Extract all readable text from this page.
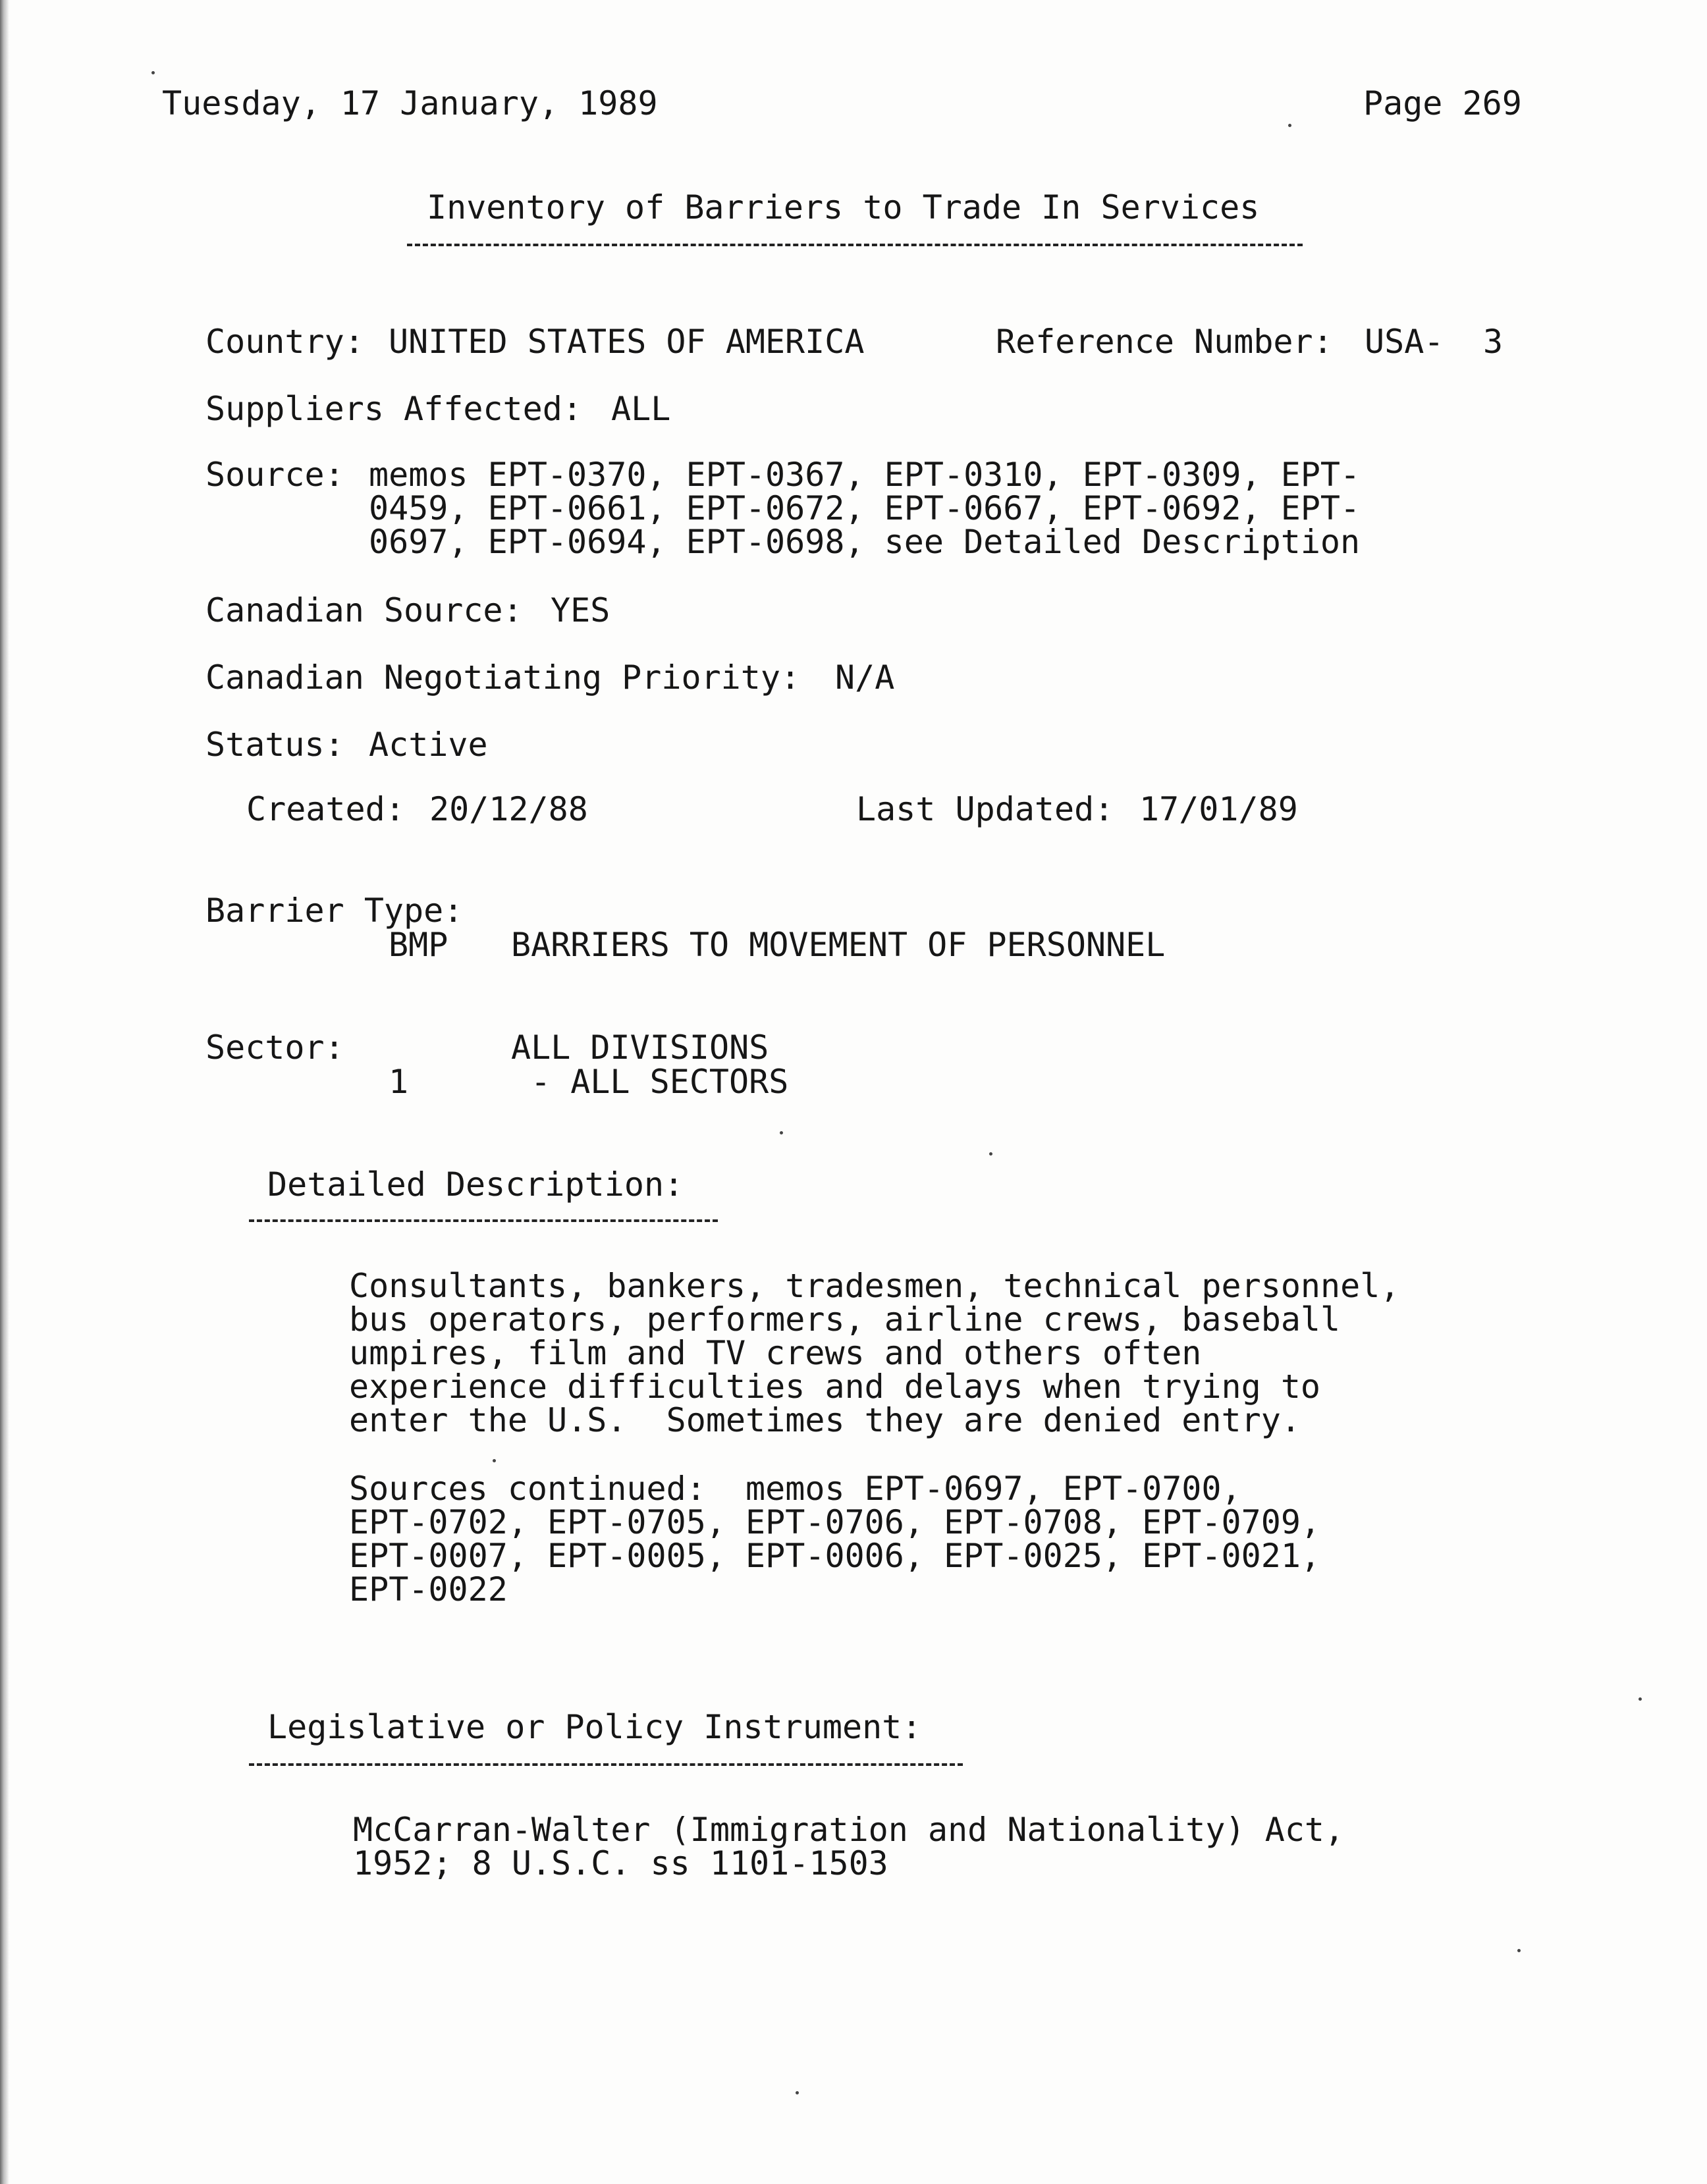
Tuesday, 17 January, 1989	Page 269
Inventory of Barriers to Trade In Services
Country: UNITED STATES OF AMERICA	Reference Number: USA- 3
Suppliers Affected: ALL
Source: memos EPT-0370, EPT-0367, EPT-0310, EPT-0309, EPT-
0459, EPT-0661, EPT-0672, EPT-0667, EPT-0692, EPT-
0697, EPT-0694, EPT-0698, see Detailed Description
Canadian Source: YES
Canadian Negotiating Priority: N/A
Status: Active
Created: 20/12/88	Last Updated: 17/01/89
Barrier Type:
BMP BARRIERS TO MOVEMENT OF PERSONNEL
Sector:	ALL DIVISIONS
1	- ALL SECTORS
Detailed Description:
Consultants, bankers, tradesmen, technical personnel,
bus operators, performers, airline crews, baseball
umpires, film and TV crews and others often
experience difficulties and delays when trying to
enter the U.S.  Sometimes they are denied entry.
Sources continued:  memos EPT-0697, EPT-0700,
EPT-0702, EPT-0705, EPT-0706, EPT-0708, EPT-0709,
EPT-0007, EPT-0005, EPT-0006, EPT-0025, EPT-0021,
EPT-0022
Legislative or Policy Instrument:
McCarran-Walter (Immigration and Nationality) Act,
1952; 8 U.S.C. ss 1101-1503
